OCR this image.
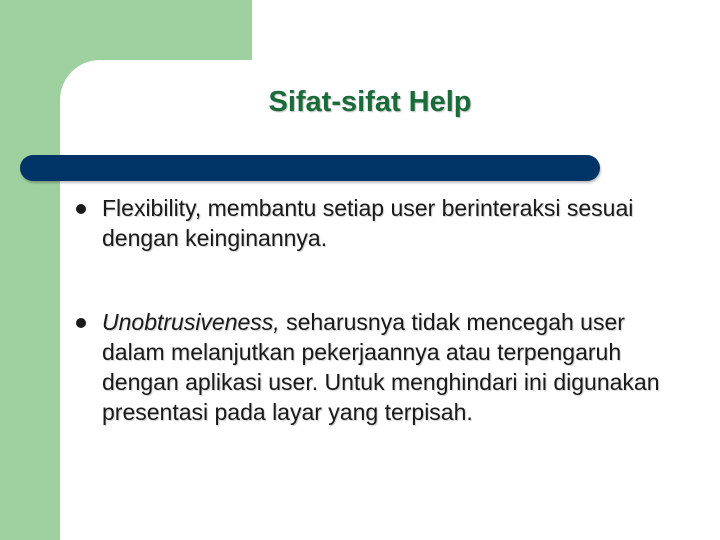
Sifat-sifat Help
Flexibility, membantu setiap user berinteraksi sesuai dengan keinginannya.
Unobtrusiveness, seharusnya tidak mencegah user dalam melanjutkan pekerjaannya atau terpengaruh dengan aplikasi user. Untuk menghindari ini digunakan presentasi pada layar yang terpisah.
